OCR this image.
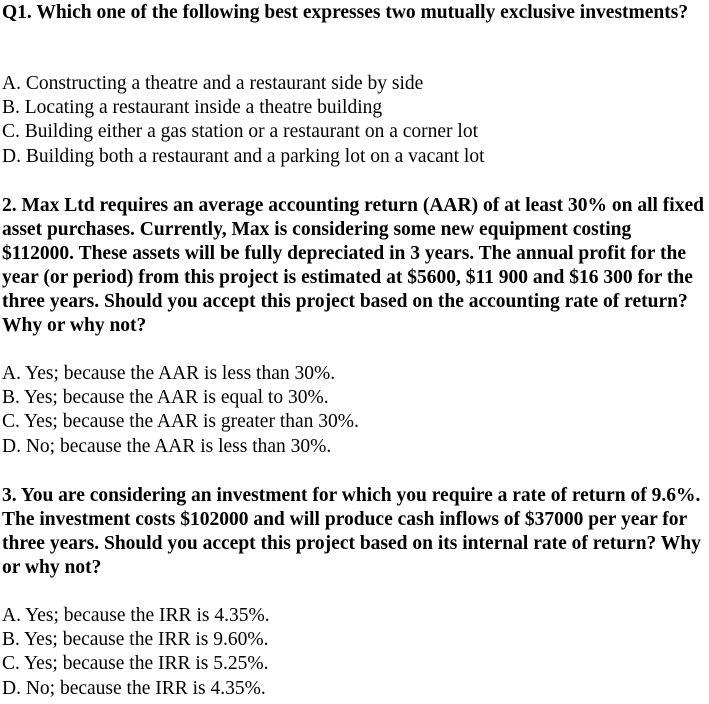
Q1. Which one of the following best expresses two mutually exclusive investments?

A. Constructing a theatre and a restaurant side by side
B. Locating a restaurant inside a theatre building
C. Building either a gas station or a restaurant on a corner lot
D. Building both a restaurant and a parking lot on a vacant lot

2. Max Ltd requires an average accounting return (AAR) of at least 30% on all fixed asset purchases. Currently, Max is considering some new equipment costing $112000. These assets will be fully depreciated in 3 years. The annual profit for the year (or period) from this project is estimated at $5600, $11 900 and $16 300 for the three years. Should you accept this project based on the accounting rate of return? Why or why not?

A. Yes; because the AAR is less than 30%.
B. Yes; because the AAR is equal to 30%.
C. Yes; because the AAR is greater than 30%.
D. No; because the AAR is less than 30%.

3. You are considering an investment for which you require a rate of return of 9.6%. The investment costs $102000 and will produce cash inflows of $37000 per year for three years. Should you accept this project based on its internal rate of return? Why or why not?

A. Yes; because the IRR is 4.35%.
B. Yes; because the IRR is 9.60%.
C. Yes; because the IRR is 5.25%.
D. No; because the IRR is 4.35%.
